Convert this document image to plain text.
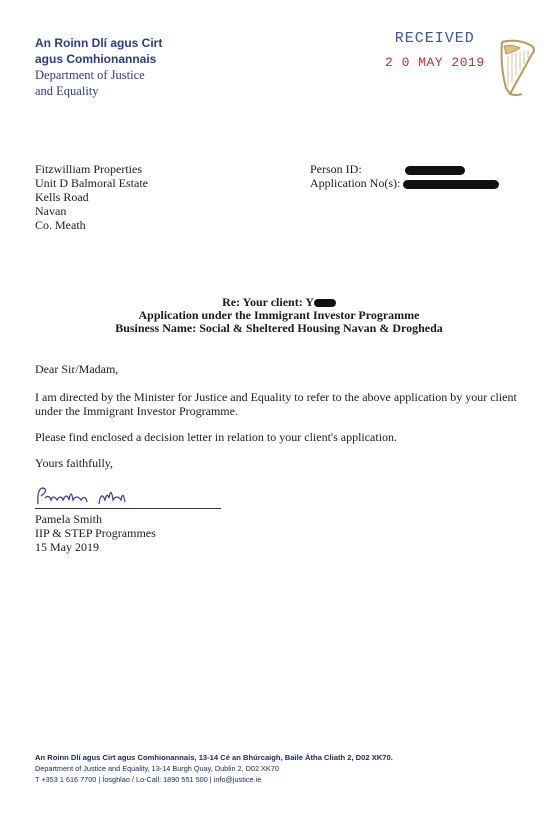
An Roinn Dlí agus Cirt
agus Comhionannais
Department of Justice
and Equality
RECEIVED
2 0 MAY 2019
Fitzwilliam Properties
Unit D Balmoral Estate
Kells Road
Navan
Co. Meath
Person ID:
Application No(s):
Re: Your client: Y
Application under the Immigrant Investor Programme
Business Name: Social & Sheltered Housing Navan & Drogheda
Dear Sir/Madam,
I am directed by the Minister for Justice and Equality to refer to the above application by your client under the Immigrant Investor Programme.
Please find enclosed a decision letter in relation to your client's application.
Yours faithfully,
Pamela Smith
IIP & STEP Programmes
15 May 2019
An Roinn Dlí agus Cirt agus Comhionannais, 13-14 Cé an Bhúrcaigh, Baile Átha Cliath 2, D02 XK70.
Department of Justice and Equality, 13-14 Burgh Quay, Dublin 2, D02 XK70
T +353 1 616 7700 | Íosghlao / Lo-Call: 1890 551 500 | info@justice.ie
